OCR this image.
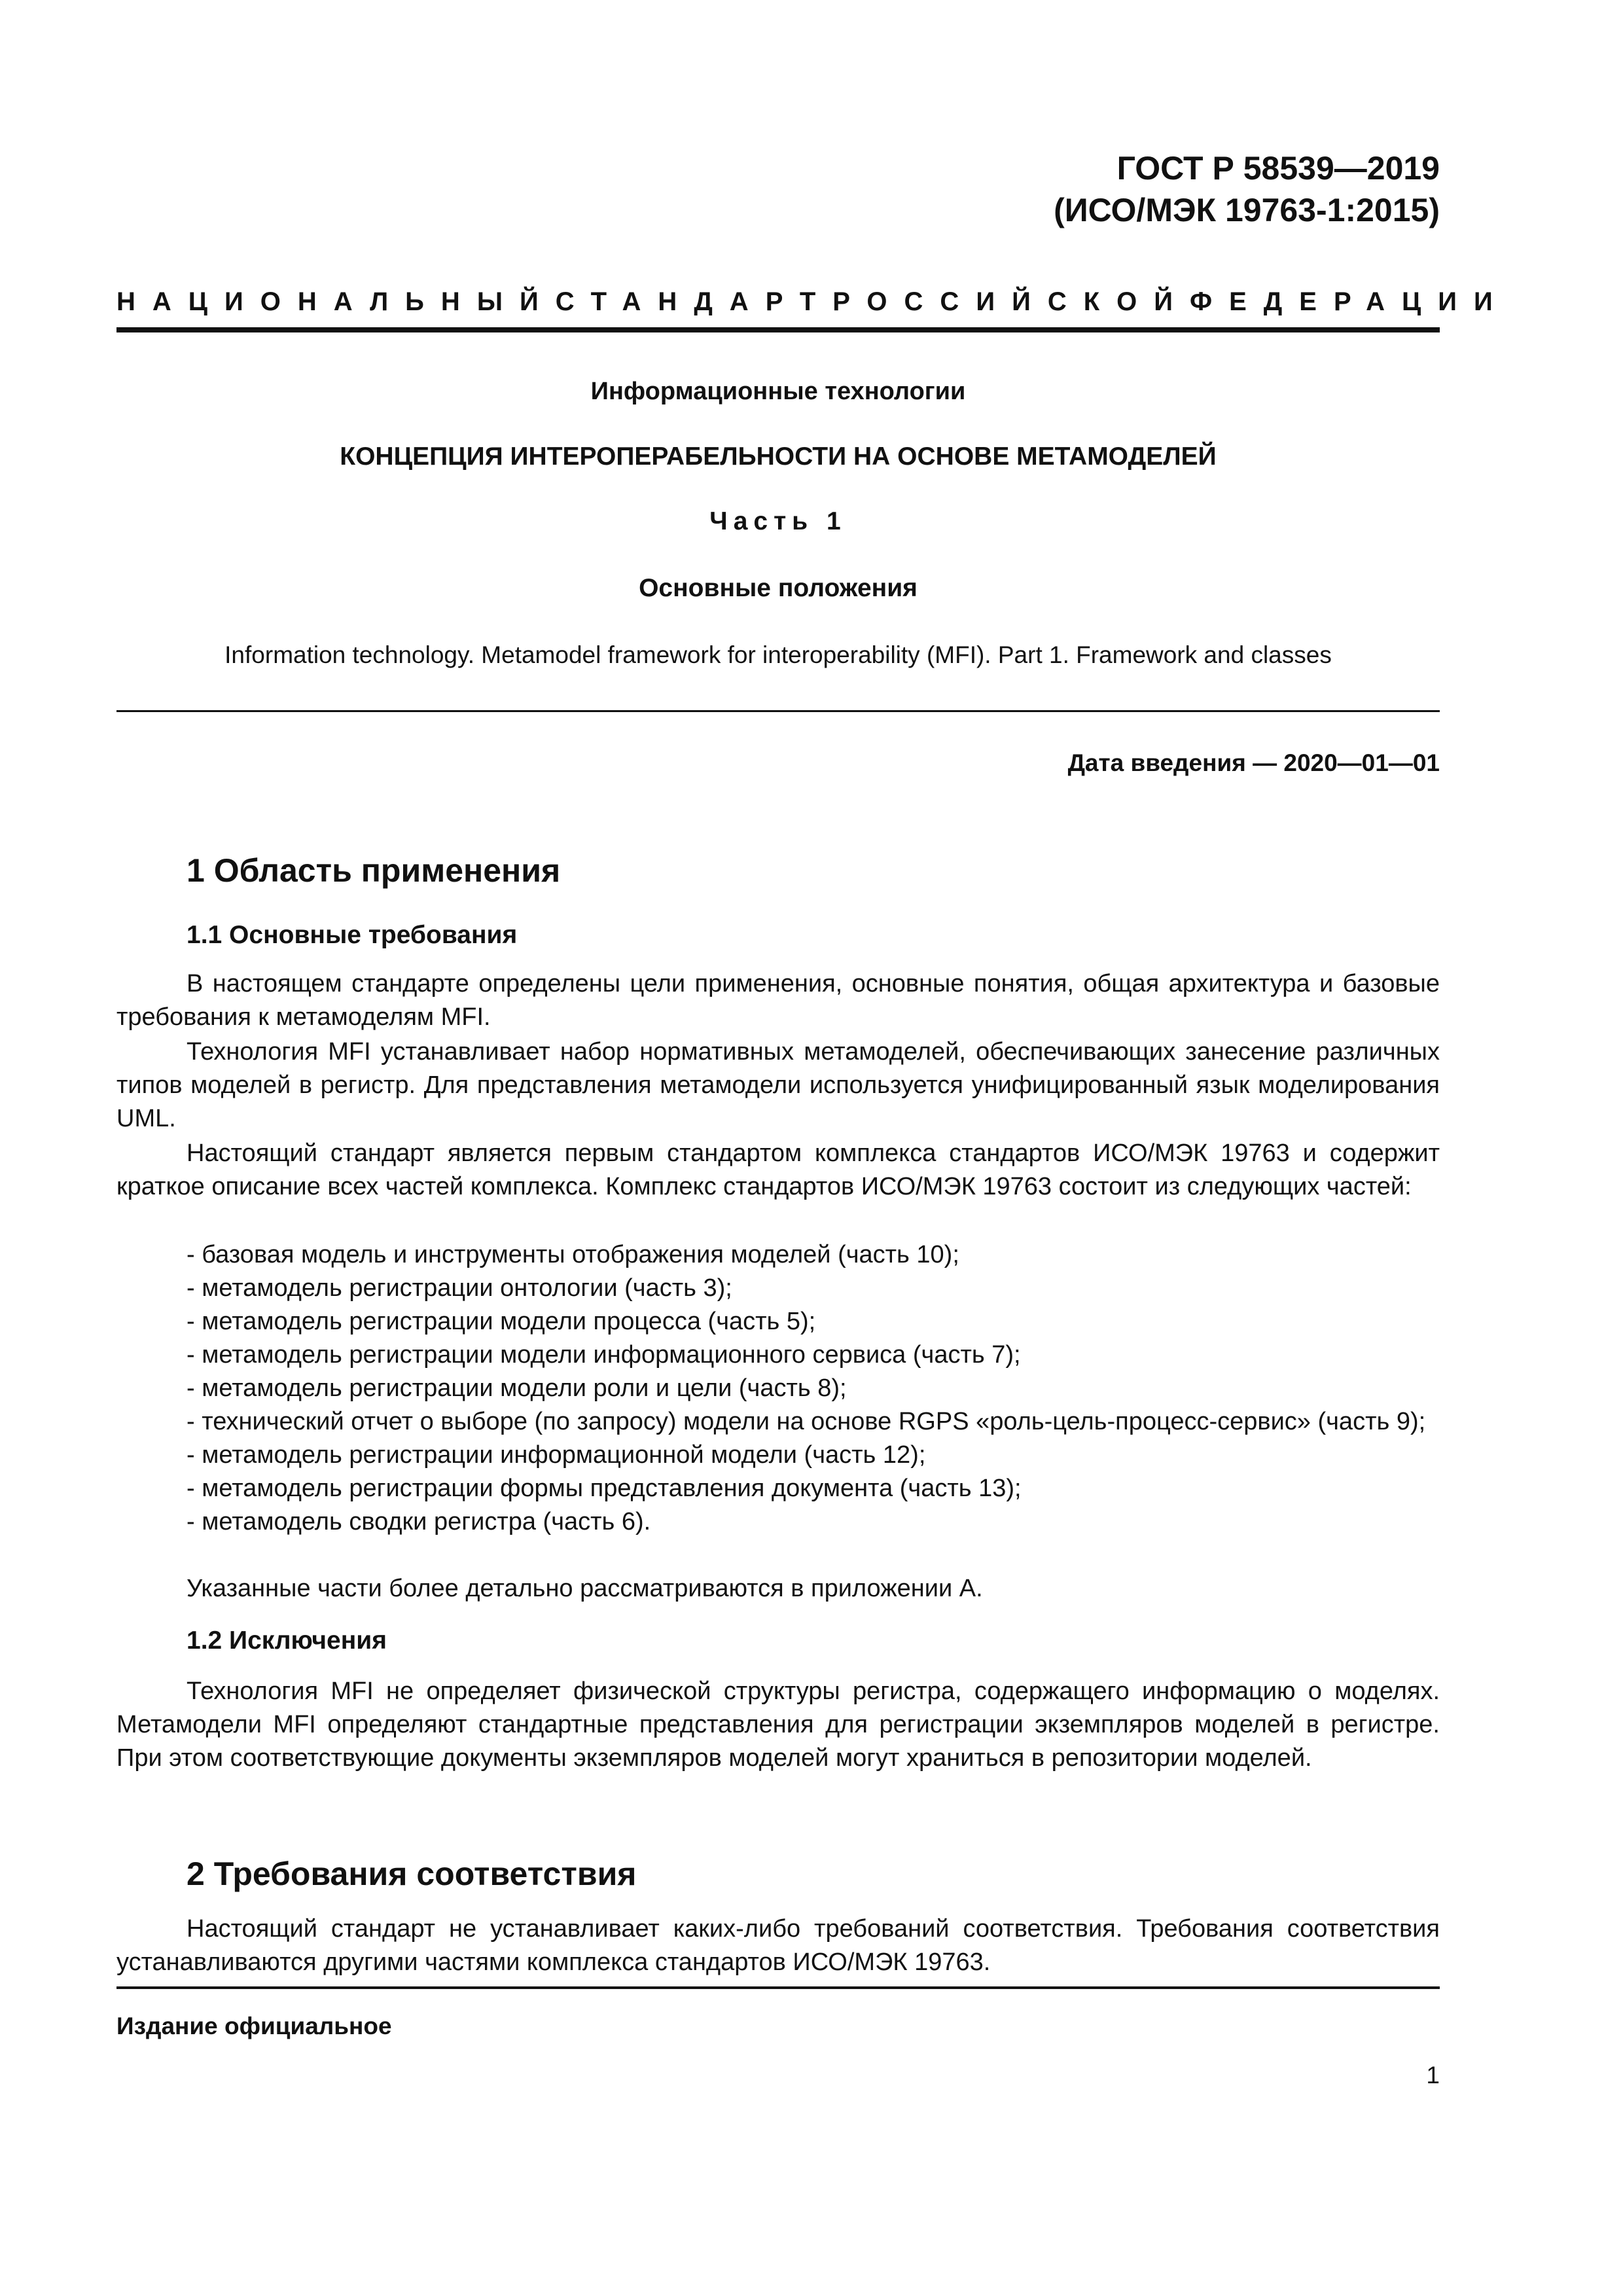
ГОСТ Р 58539—2019
(ИСО/МЭК 19763-1:2015)
НАЦИОНАЛЬНЫЙ СТАНДАРТ РОССИЙСКОЙ ФЕДЕРАЦИИ
Информационные технологии
КОНЦЕПЦИЯ ИНТЕРОПЕРАБЕЛЬНОСТИ НА ОСНОВЕ МЕТАМОДЕЛЕЙ
Часть 1
Основные положения
Information technology. Metamodel framework for interoperability (MFI). Part 1. Framework and classes
Дата введения — 2020—01—01
1 Область применения
1.1 Основные требования
В настоящем стандарте определены цели применения, основные понятия, общая архитектура и базовые требования к метамоделям MFI.
Технология MFI устанавливает набор нормативных метамоделей, обеспечивающих занесение различных типов моделей в регистр. Для представления метамодели используется унифицированный язык моделирования UML.
Настоящий стандарт является первым стандартом комплекса стандартов ИСО/МЭК 19763 и содержит краткое описание всех частей комплекса. Комплекс стандартов ИСО/МЭК 19763 состоит из следующих частей:
- базовая модель и инструменты отображения моделей (часть 10);
- метамодель регистрации онтологии (часть 3);
- метамодель регистрации модели процесса (часть 5);
- метамодель регистрации модели информационного сервиса (часть 7);
- метамодель регистрации модели роли и цели (часть 8);
- технический отчет о выборе (по запросу) модели на основе RGPS «роль-цель-процесс-сервис» (часть 9);
- метамодель регистрации информационной модели (часть 12);
- метамодель регистрации формы представления документа (часть 13);
- метамодель сводки регистра (часть 6).
Указанные части более детально рассматриваются в приложении А.
1.2 Исключения
Технология MFI не определяет физической структуры регистра, содержащего информацию о моделях. Метамодели MFI определяют стандартные представления для регистрации экземпляров моделей в регистре. При этом соответствующие документы экземпляров моделей могут храниться в репозитории моделей.
2 Требования соответствия
Настоящий стандарт не устанавливает каких-либо требований соответствия. Требования соответствия устанавливаются другими частями комплекса стандартов ИСО/МЭК 19763.
Издание официальное
1
